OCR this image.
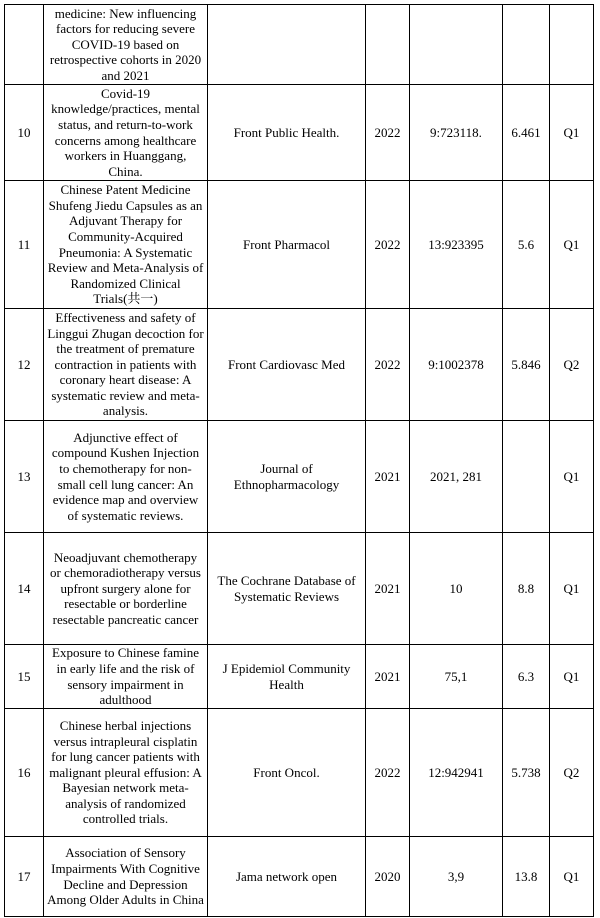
	medicine: New influencing factors for reducing severe COVID-19 based on retrospective cohorts in 2020 and 2021					
10	Covid-19 knowledge/practices, mental status, and return-to-work concerns among healthcare workers in Huanggang, China.	Front Public Health.	2022	9:723118.	6.461	Q1
11	Chinese Patent Medicine Shufeng Jiedu Capsules as an Adjuvant Therapy for Community-Acquired Pneumonia: A Systematic Review and Meta-Analysis of Randomized Clinical Trials(共一)	Front Pharmacol	2022	13:923395	5.6	Q1
12	Effectiveness and safety of Linggui Zhugan decoction for the treatment of premature contraction in patients with coronary heart disease: A systematic review and meta-analysis.	Front Cardiovasc Med	2022	9:1002378	5.846	Q2
13	Adjunctive effect of compound Kushen Injection to chemotherapy for non-small cell lung cancer: An evidence map and overview of systematic reviews.	Journal of Ethnopharmacology	2021	2021, 281		Q1
14	Neoadjuvant chemotherapy or chemoradiotherapy versus upfront surgery alone for resectable or borderline resectable pancreatic cancer	The Cochrane Database of Systematic Reviews	2021	10	8.8	Q1
15	Exposure to Chinese famine in early life and the risk of sensory impairment in adulthood	J Epidemiol Community Health	2021	75,1	6.3	Q1
16	Chinese herbal injections versus intrapleural cisplatin for lung cancer patients with malignant pleural effusion: A Bayesian network meta-analysis of randomized controlled trials.	Front Oncol.	2022	12:942941	5.738	Q2
17	Association of Sensory Impairments With Cognitive Decline and Depression Among Older Adults in China	Jama network open	2020	3,9	13.8	Q1
